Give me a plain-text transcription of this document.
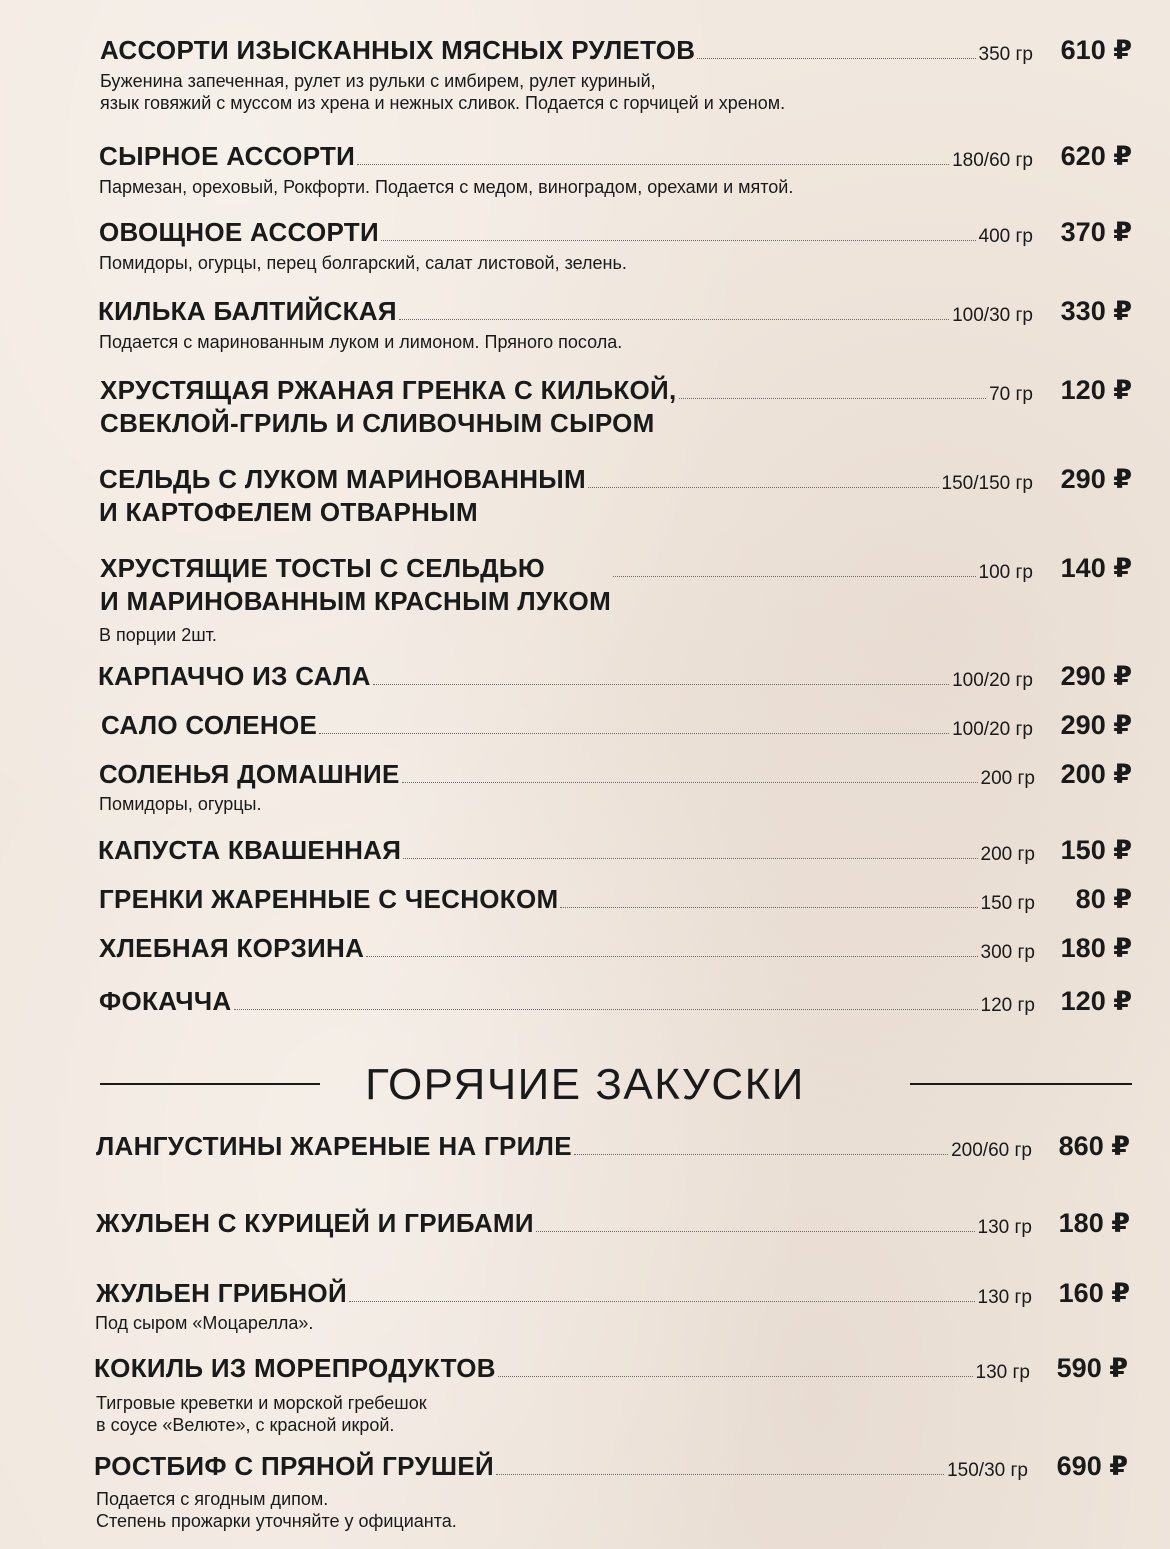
АССОРТИ ИЗЫСКАННЫХ МЯСНЫХ РУЛЕТОВ	350 гр 610 ₽
Буженина запеченная, рулет из рульки с имбирем, рулет куриный,
язык говяжий с муссом из хрена и нежных сливок. Подается с горчицей и хреном.
СЫРНОЕ АССОРТИ	180/60 гр 620 ₽
Пармезан, ореховый, Рокфорти. Подается с медом, виноградом, орехами и мятой.
ОВОЩНОЕ АССОРТИ	400 гр 370 ₽
Помидоры, огурцы, перец болгарский, салат листовой, зелень.
КИЛЬКА БАЛТИЙСКАЯ	100/30 гр 330 ₽
Подается с маринованным луком и лимоном. Пряного посола.
ХРУСТЯЩАЯ РЖАНАЯ ГРЕНКА С КИЛЬКОЙ,
СВЕКЛОЙ-ГРИЛЬ И СЛИВОЧНЫМ СЫРОМ
70 гр 120 ₽
СЕЛЬДЬ С ЛУКОМ МАРИНОВАННЫМ
И КАРТОФЕЛЕМ ОТВАРНЫМ
150/150 гр 290 ₽
ХРУСТЯЩИЕ ТОСТЫ С СЕЛЬДЬЮ
И МАРИНОВАННЫМ КРАСНЫМ ЛУКОМ
100 гр 140 ₽
В порции 2шт.
КАРПАЧЧО ИЗ САЛА	100/20 гр 290 ₽
САЛО СОЛЕНОЕ	100/20 гр 290 ₽
СОЛЕНЬЯ ДОМАШНИЕ	200 гр 200 ₽
Помидоры, огурцы.
КАПУСТА КВАШЕННАЯ	200 гр 150 ₽
ГРЕНКИ ЖАРЕННЫЕ С ЧЕСНОКОМ	150 гр 80 ₽
ХЛЕБНАЯ КОРЗИНА	300 гр 180 ₽
ФОКАЧЧА	120 гр 120 ₽
ГОРЯЧИЕ ЗАКУСКИ
ЛАНГУСТИНЫ ЖАРЕНЫЕ НА ГРИЛЕ	200/60 гр 860 ₽
ЖУЛЬЕН С КУРИЦЕЙ И ГРИБАМИ	130 гр 180 ₽
ЖУЛЬЕН ГРИБНОЙ	130 гр 160 ₽
Под сыром «Моцарелла».
КОКИЛЬ ИЗ МОРЕПРОДУКТОВ	130 гр 590 ₽
Тигровые креветки и морской гребешок
в соусе «Велюте», с красной икрой.
РОСТБИФ С ПРЯНОЙ ГРУШЕЙ	150/30 гр 690 ₽
Подается с ягодным дипом.
Степень прожарки уточняйте у официанта.
